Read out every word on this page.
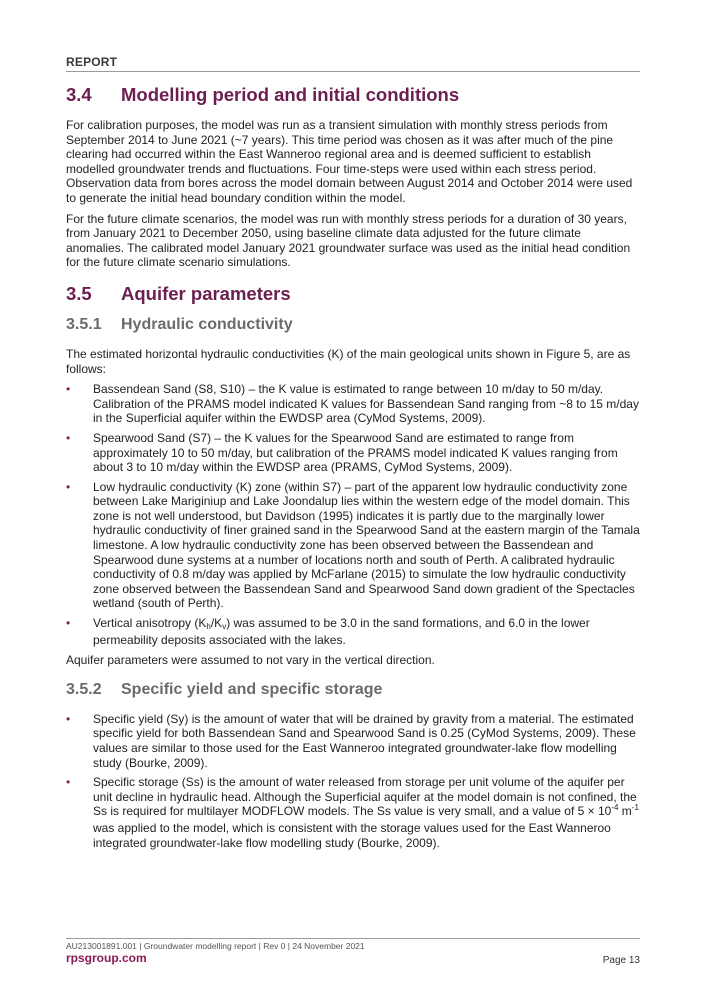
REPORT
3.4	Modelling period and initial conditions

For calibration purposes, the model was run as a transient simulation with monthly stress periods from September 2014 to June 2021 (~7 years). This time period was chosen as it was after much of the pine clearing had occurred within the East Wanneroo regional area and is deemed sufficient to establish modelled groundwater trends and fluctuations. Four time-steps were used within each stress period. Observation data from bores across the model domain between August 2014 and October 2014 were used to generate the initial head boundary condition within the model.

For the future climate scenarios, the model was run with monthly stress periods for a duration of 30 years, from January 2021 to December 2050, using baseline climate data adjusted for the future climate anomalies. The calibrated model January 2021 groundwater surface was used as the initial head condition for the future climate scenario simulations.

3.5	Aquifer parameters
3.5.1	Hydraulic conductivity

The estimated horizontal hydraulic conductivities (K) of the main geological units shown in Figure 5, are as follows:

• Bassendean Sand (S8, S10) – the K value is estimated to range between 10 m/day to 50 m/day. Calibration of the PRAMS model indicated K values for Bassendean Sand ranging from ~8 to 15 m/day in the Superficial aquifer within the EWDSP area (CyMod Systems, 2009).
• Spearwood Sand (S7) – the K values for the Spearwood Sand are estimated to range from approximately 10 to 50 m/day, but calibration of the PRAMS model indicated K values ranging from about 3 to 10 m/day within the EWDSP area (PRAMS, CyMod Systems, 2009).
• Low hydraulic conductivity (K) zone (within S7) – part of the apparent low hydraulic conductivity zone between Lake Mariginiup and Lake Joondalup lies within the western edge of the model domain. This zone is not well understood, but Davidson (1995) indicates it is partly due to the marginally lower hydraulic conductivity of finer grained sand in the Spearwood Sand at the eastern margin of the Tamala limestone. A low hydraulic conductivity zone has been observed between the Bassendean and Spearwood dune systems at a number of locations north and south of Perth. A calibrated hydraulic conductivity of 0.8 m/day was applied by McFarlane (2015) to simulate the low hydraulic conductivity zone observed between the Bassendean Sand and Spearwood Sand down gradient of the Spectacles wetland (south of Perth).
• Vertical anisotropy (Kh/Kv) was assumed to be 3.0 in the sand formations, and 6.0 in the lower permeability deposits associated with the lakes.

Aquifer parameters were assumed to not vary in the vertical direction.

3.5.2	Specific yield and specific storage
• Specific yield (Sy) is the amount of water that will be drained by gravity from a material. The estimated specific yield for both Bassendean Sand and Spearwood Sand is 0.25 (CyMod Systems, 2009). These values are similar to those used for the East Wanneroo integrated groundwater-lake flow modelling study (Bourke, 2009).
• Specific storage (Ss) is the amount of water released from storage per unit volume of the aquifer per unit decline in hydraulic head. Although the Superficial aquifer at the model domain is not confined, the Ss is required for multilayer MODFLOW models. The Ss value is very small, and a value of $5 \times 10^{-4}$ $m^{-1}$ was applied to the model, which is consistent with the storage values used for the East Wanneroo integrated groundwater-lake flow modelling study (Bourke, 2009).
AU213001891.001 | Groundwater modelling report | Rev 0 | 24 November 2021
rpsgroup.com	Page 13
